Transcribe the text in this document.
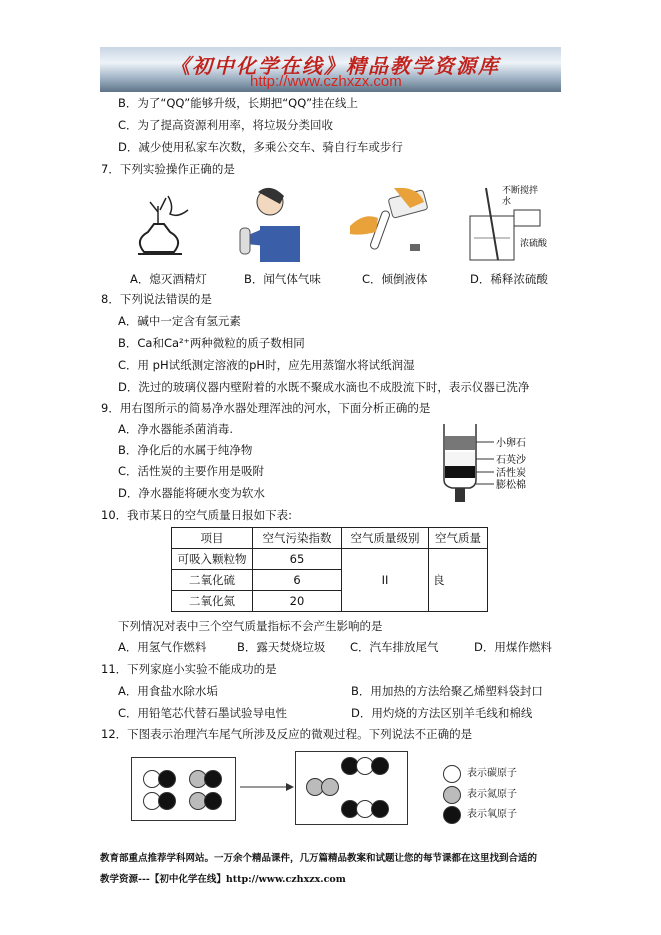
《初中化学在线》精品教学资源库
http://www.czhxzx.com
B．为了“QQ”能够升级，长期把“QQ”挂在线上
C．为了提高资源利用率，将垃圾分类回收
D．减少使用私家车次数，多乘公交车、骑自行车或步行
7．下列实验操作正确的是
不断搅拌
水
浓硫酸
A．熄灭酒精灯	B．闻气体气味	C．倾倒液体	D．稀释浓硫酸
8．下列说法错误的是
A．碱中一定含有氢元素
B．Ca和Ca²⁺两种微粒的质子数相同
C．用 pH试纸测定溶液的pH时，应先用蒸馏水将试纸润湿
D．洗过的玻璃仪器内壁附着的水既不聚成水滴也不成股流下时，表示仪器已洗净
9．用右图所示的简易净水器处理浑浊的河水，下面分析正确的是
A．净水器能杀菌消毒.
B．净化后的水属于纯净物
C．活性炭的主要作用是吸附
D．净水器能将硬水变为软水
小卵石
石英沙
活性炭
膨松棉
10．我市某日的空气质量日报如下表:
项目	空气污染指数	空气质量级别	空气质量
可吸入颗粒物	65	II	良
二氧化硫	6		
二氧化氮	20		
下列情况对表中三个空气质量指标不会产生影响的是
A．用氢气作燃料	B．露天焚烧垃圾 C．汽车排放尾气	D．用煤作燃料
11．下列家庭小实验不能成功的是
A．用食盐水除水垢	B．用加热的方法给聚乙烯塑料袋封口
C．用铅笔芯代替石墨试验导电性	D．用灼烧的方法区别羊毛线和棉线
12．下图表示治理汽车尾气所涉及反应的微观过程。下列说法不正确的是
表示碳原子
表示氮原子
表示氧原子
教育部重点推荐学科网站。一万余个精品课件，几万篇精品教案和试题让您的每节课都在这里找到合适的
教学资源---【初中化学在线】http://www.czhxzx.com
